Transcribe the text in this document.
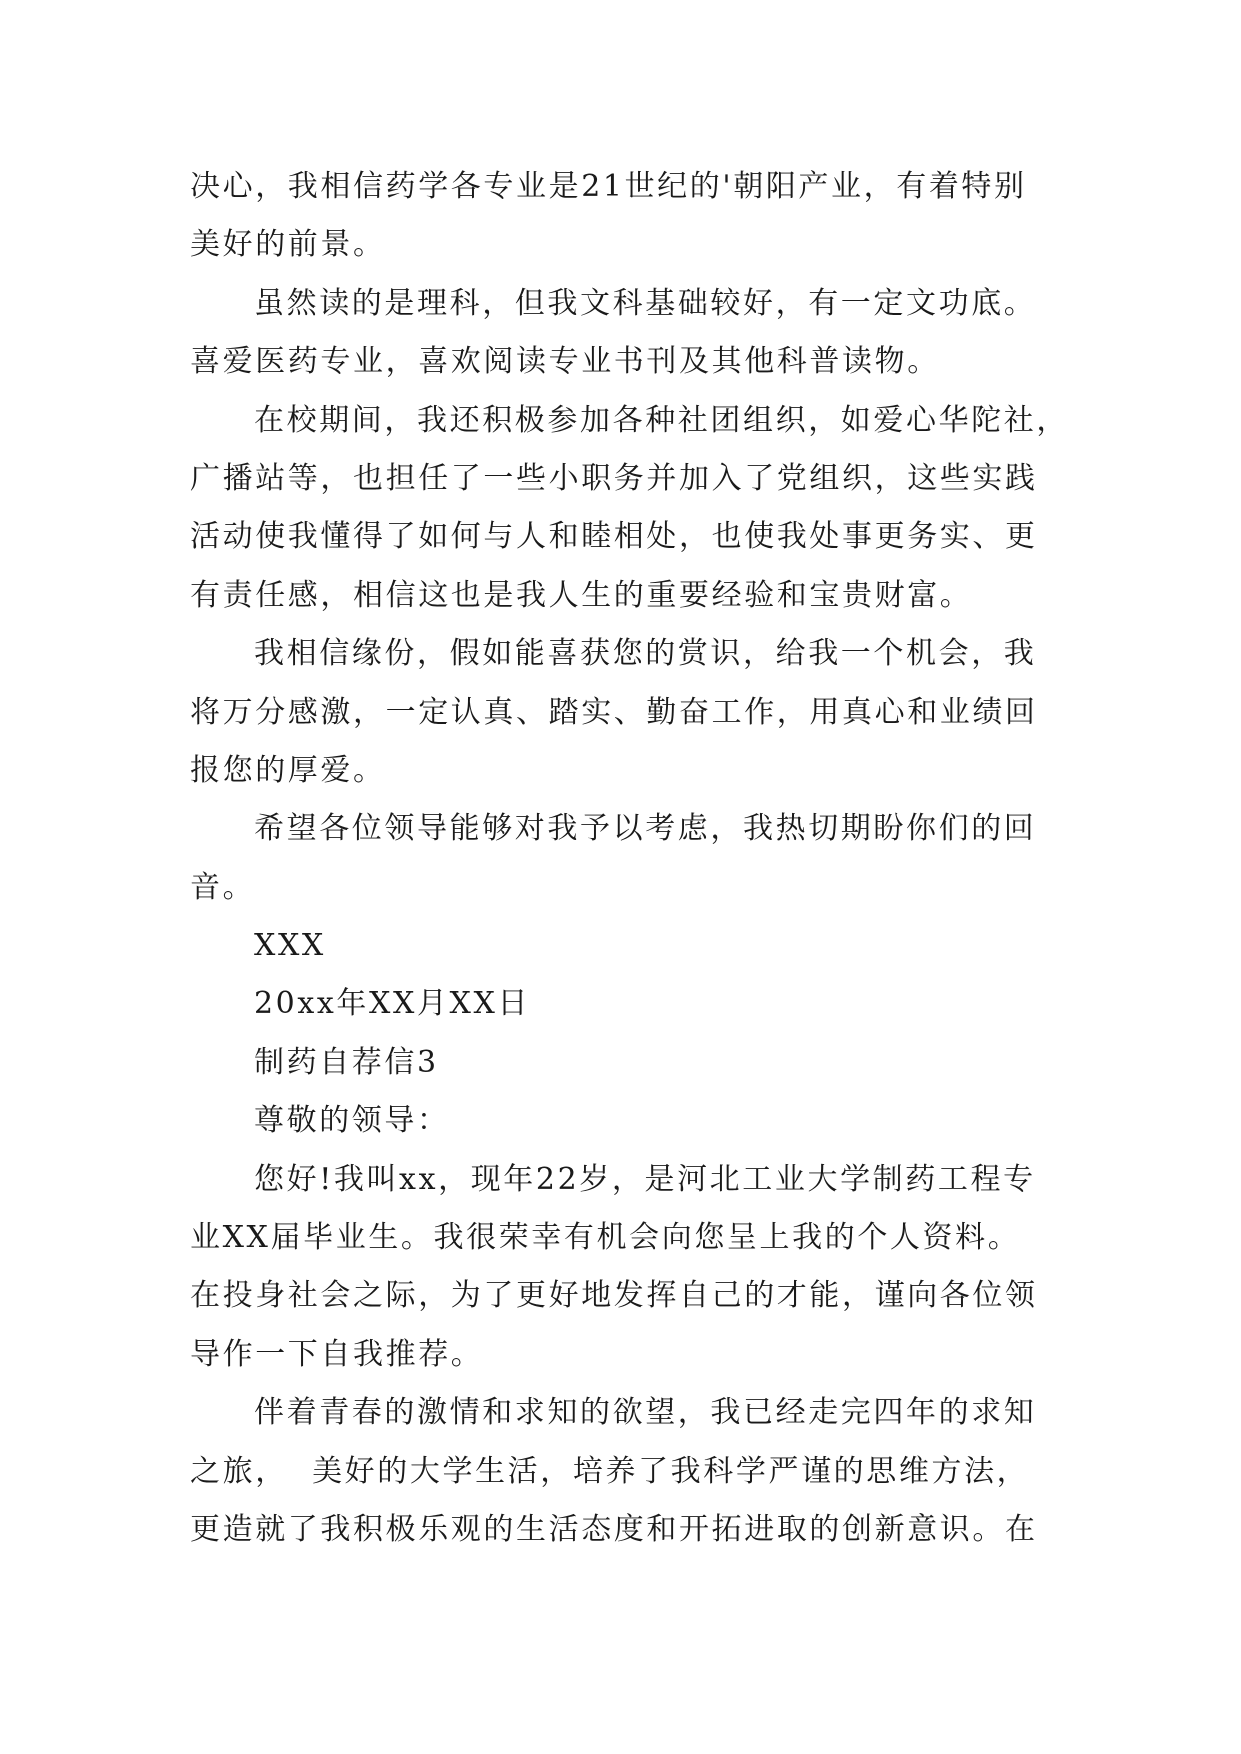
决心，我相信药学各专业是21世纪的'朝阳产业，有着特别
美好的前景。
虽然读的是理科，但我文科基础较好，有一定文功底。
喜爱医药专业，喜欢阅读专业书刊及其他科普读物。
在校期间，我还积极参加各种社团组织，如爱心华陀社，
广播站等，也担任了一些小职务并加入了党组织，这些实践
活动使我懂得了如何与人和睦相处，也使我处事更务实、更
有责任感，相信这也是我人生的重要经验和宝贵财富。
我相信缘份，假如能喜获您的赏识，给我一个机会，我
将万分感激，一定认真、踏实、勤奋工作，用真心和业绩回
报您的厚爱。
希望各位领导能够对我予以考虑，我热切期盼你们的回
音。
XXX
20xx年XX月XX日
制药自荐信3
尊敬的领导：
您好!我叫xx，现年22岁，是河北工业大学制药工程专
业XX届毕业生。我很荣幸有机会向您呈上我的个人资料。
在投身社会之际，为了更好地发挥自己的才能，谨向各位领
导作一下自我推荐。
伴着青春的激情和求知的欲望，我已经走完四年的求知
之旅，  美好的大学生活，培养了我科学严谨的思维方法，
更造就了我积极乐观的生活态度和开拓进取的创新意识。在
